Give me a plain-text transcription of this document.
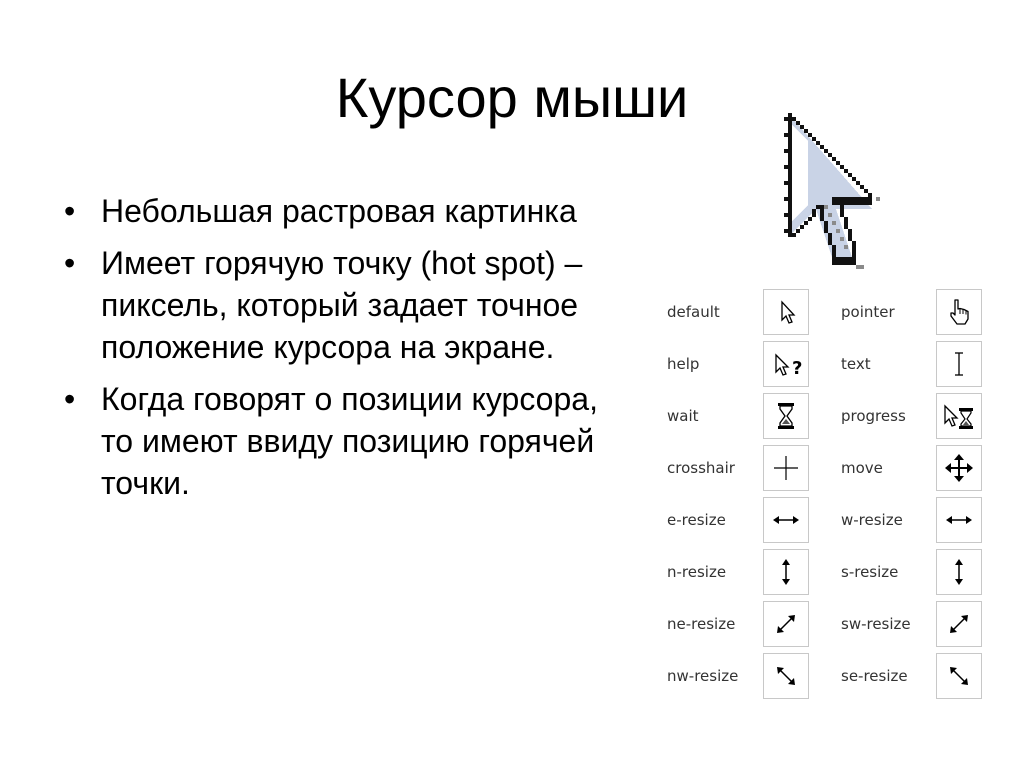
Курсор мыши
• Небольшая растровая картинка
• Имеет горячую точку (hot spot) – пиксель, который задает точное положение курсора на экране.
• Когда говорят о позиции курсора, то имеют ввиду позицию горячей точки.
default	pointer
help	?	text
wait	progress
crosshair	move
e-resize	w-resize
n-resize	s-resize
ne-resize	sw-resize
nw-resize	se-resize
